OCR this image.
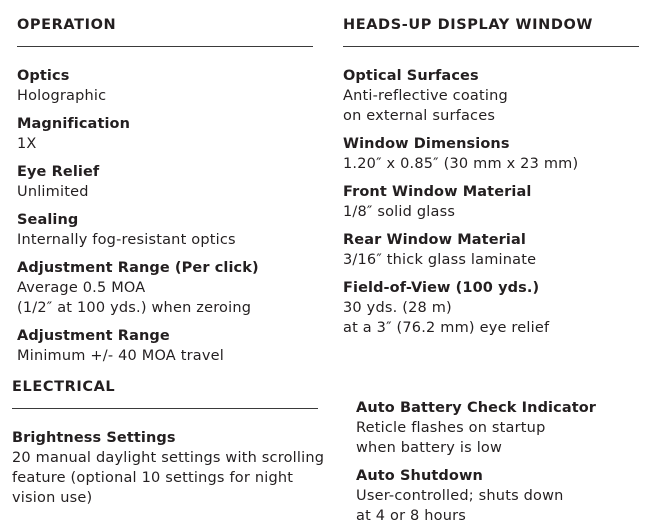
OPERATION
Optics
Holographic
Magnification
1X
Eye Relief
Unlimited
Sealing
Internally fog-resistant optics
Adjustment Range (Per click)
Average 0.5 MOA
(1/2″ at 100 yds.) when zeroing
Adjustment Range
Minimum +/- 40 MOA travel
HEADS-UP DISPLAY WINDOW
Optical Surfaces
Anti-reflective coating
on external surfaces
Window Dimensions
1.20″ x 0.85″ (30 mm x 23 mm)
Front Window Material
1/8″ solid glass
Rear Window Material
3/16″ thick glass laminate
Field-of-View (100 yds.)
30 yds. (28 m)
at a 3″ (76.2 mm) eye relief
ELECTRICAL
Brightness Settings
20 manual daylight settings with scrolling
feature (optional 10 settings for night
vision use)
Auto Battery Check Indicator
Reticle flashes on startup
when battery is low
Auto Shutdown
User-controlled; shuts down
at 4 or 8 hours
